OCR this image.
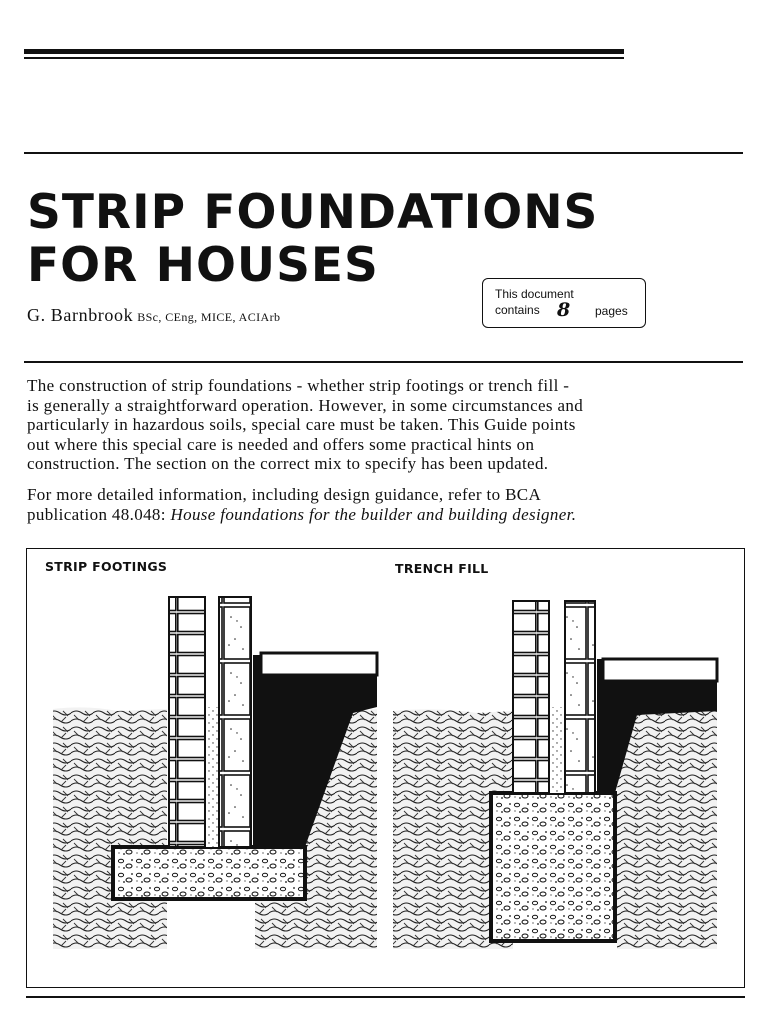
STRIP FOUNDATIONS
FOR HOUSES
G. Barnbrook BSc, CEng, MICE, ACIArb
This document
contains 8 pages
The construction of strip foundations - whether strip footings or trench fill -
is generally a straightforward operation. However, in some circumstances and
particularly in hazardous soils, special care must be taken. This Guide points
out where this special care is needed and offers some practical hints on
construction. The section on the correct mix to specify has been updated.
For more detailed information, including design guidance, refer to BCA
publication 48.048: House foundations for the builder and building designer.
STRIP FOOTINGS	TRENCH FILL
